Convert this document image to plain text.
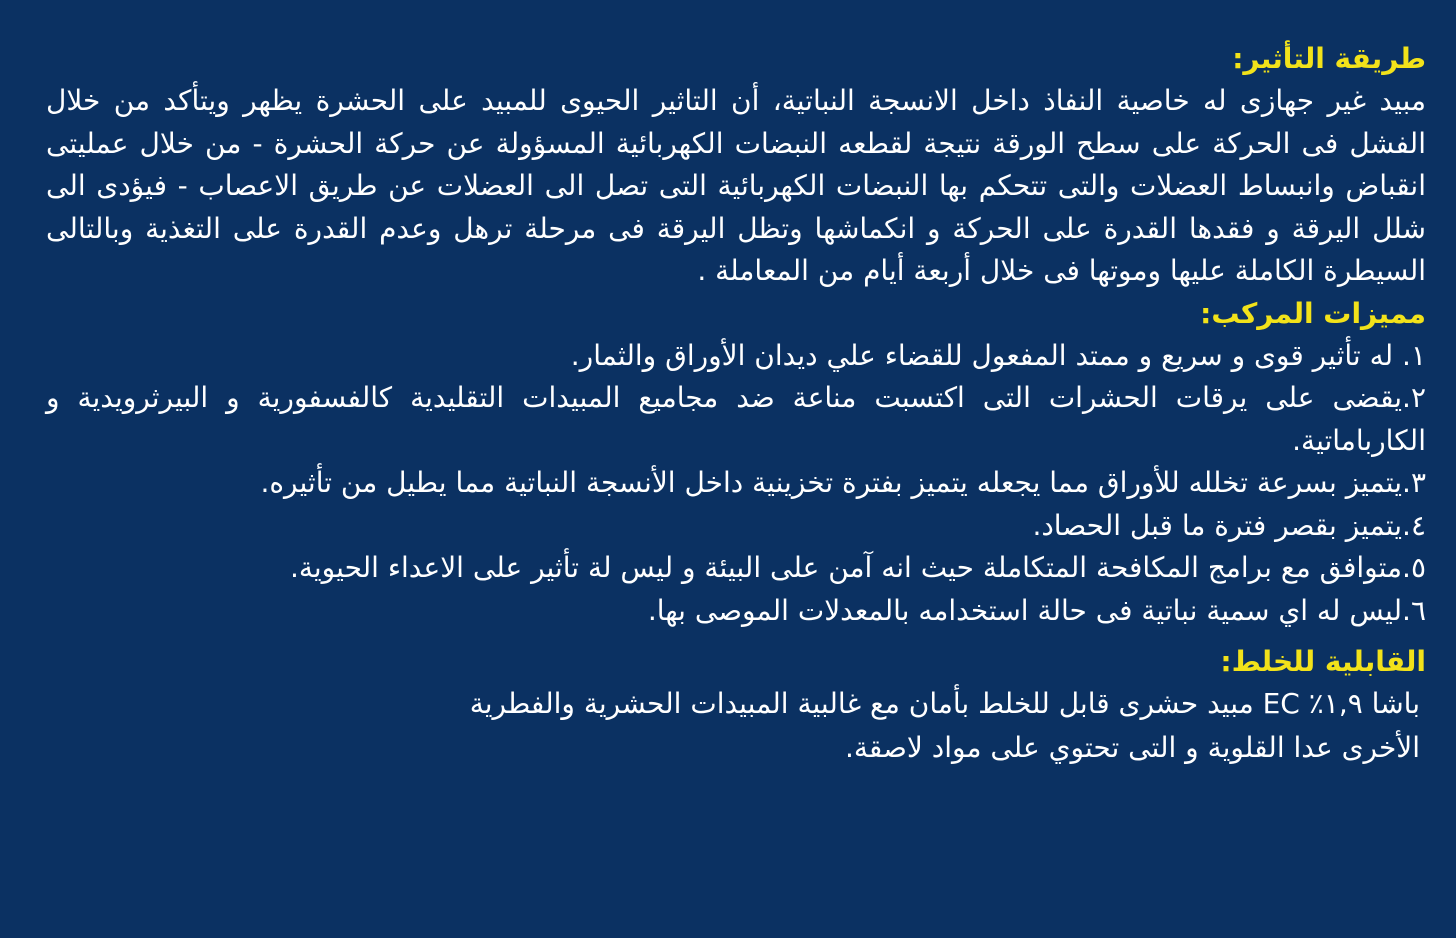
طريقة التأثير:

مبيد غير جهازى له خاصية النفاذ داخل الانسجة النباتية، أن التاثير الحيوى للمبيد على الحشرة يظهر ويتأكد من خلال الفشل فى الحركة على سطح الورقة نتيجة لقطعه النبضات الكهربائية المسؤولة عن حركة الحشرة - من خلال عمليتى انقباض وانبساط العضلات والتى تتحكم بها النبضات الكهربائية التى تصل الى العضلات عن طريق الاعصاب - فيؤدى الى شلل اليرقة و فقدها القدرة على الحركة و انكماشها وتظل اليرقة فى مرحلة ترهل وعدم القدرة على التغذية وبالتالى السيطرة الكاملة عليها وموتها فى خلال أربعة أيام من المعاملة .

مميزات المركب:
١. له تأثير قوى و سريع و ممتد المفعول للقضاء علي ديدان الأوراق والثمار.
٢.يقضى على يرقات الحشرات التى اكتسبت مناعة ضد مجاميع المبيدات التقليدية كالفسفورية و البيرثرويدية و الكارباماتية.
٣.يتميز بسرعة تخلله للأوراق مما يجعله يتميز بفترة تخزينية داخل الأنسجة النباتية مما يطيل من تأثيره.
٤.يتميز بقصر فترة ما قبل الحصاد.
٥.متوافق مع برامج المكافحة المتكاملة حيث انه آمن على البيئة و ليس لة تأثير على الاعداء الحيوية.
٦.ليس له اي سمية نباتية فى حالة استخدامه بالمعدلات الموصى بها.
القابلية للخلط:

باشا ١,٩٪ EC مبيد حشرى قابل للخلط بأمان مع غالبية المبيدات الحشرية والفطرية

الأخرى عدا القلوية و التى تحتوي على مواد لاصقة.
